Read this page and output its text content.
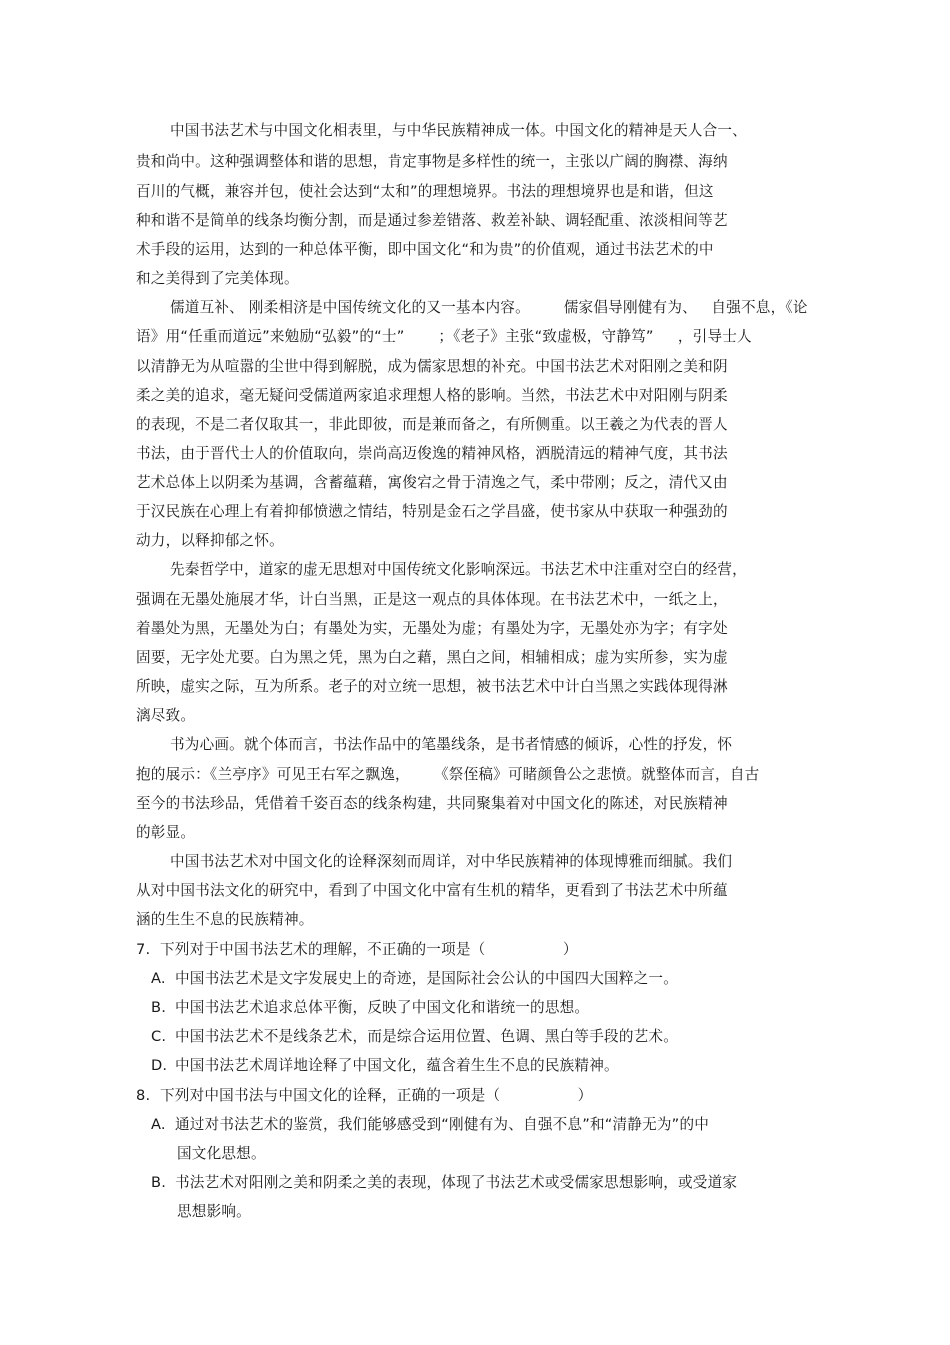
中国书法艺术与中国文化相表里，与中华民族精神成一体。中国文化的精神是天人合一、
贵和尚中。这种强调整体和谐的思想，肯定事物是多样性的统一，主张以广阔的胸襟、海纳
百川的气概，兼容并包，使社会达到“太和”的理想境界。书法的理想境界也是和谐，但这
种和谐不是简单的线条均衡分割，而是通过参差错落、救差补缺、调轻配重、浓淡相间等艺
术手段的运用，达到的一种总体平衡，即中国文化“和为贵”的价值观，通过书法艺术的中
和之美得到了完美体现。
儒道互补、 刚柔相济是中国传统文化的又一基本内容。       儒家倡导刚健有为、   自强不息，《论
语》用“任重而道远”来勉励“弘毅”的“士”       ；《老子》主张“致虚极，守静笃”     ，引导士人
以清静无为从喧嚣的尘世中得到解脱，成为儒家思想的补充。中国书法艺术对阳刚之美和阴
柔之美的追求，毫无疑问受儒道两家追求理想人格的影响。当然，书法艺术中对阳刚与阴柔
的表现，不是二者仅取其一，非此即彼，而是兼而备之，有所侧重。以王羲之为代表的晋人
书法，由于晋代士人的价值取向，崇尚高迈俊逸的精神风格，洒脱清远的精神气度，其书法
艺术总体上以阴柔为基调，含蓄蕴藉，寓俊宕之骨于清逸之气，柔中带刚；反之，清代又由
于汉民族在心理上有着抑郁愤懑之情结，特别是金石之学昌盛，使书家从中获取一种强劲的
动力，以释抑郁之怀。
先秦哲学中，道家的虚无思想对中国传统文化影响深远。书法艺术中注重对空白的经营，
强调在无墨处施展才华，计白当黑，正是这一观点的具体体现。在书法艺术中，一纸之上，
着墨处为黑，无墨处为白；有墨处为实，无墨处为虚；有墨处为字，无墨处亦为字；有字处
固要，无字处尤要。白为黑之凭，黑为白之藉，黑白之间，相辅相成；虚为实所参，实为虚
所映，虚实之际，互为所系。老子的对立统一思想，被书法艺术中计白当黑之实践体现得淋
漓尽致。
书为心画。就个体而言，书法作品中的笔墨线条，是书者情感的倾诉，心性的抒发，怀
抱的展示：《兰亭序》可见王右军之飘逸，     《祭侄稿》可睹颜鲁公之悲愤。就整体而言，自古
至今的书法珍品，凭借着千姿百态的线条构建，共同聚集着对中国文化的陈述，对民族精神
的彰显。
中国书法艺术对中国文化的诠释深刻而周详，对中华民族精神的体现博雅而细腻。我们
从对中国书法文化的研究中，看到了中国文化中富有生机的精华，更看到了书法艺术中所蕴
涵的生生不息的民族精神。
7.  下列对于中国书法艺术的理解，不正确的一项是（                ）
A. 中国书法艺术是文字发展史上的奇迹，是国际社会公认的中国四大国粹之一。
B. 中国书法艺术追求总体平衡，反映了中国文化和谐统一的思想。
C. 中国书法艺术不是线条艺术，而是综合运用位置、色调、黑白等手段的艺术。
D. 中国书法艺术周详地诠释了中国文化，蕴含着生生不息的民族精神。
8.  下列对中国书法与中国文化的诠释，正确的一项是（                ）
A. 通过对书法艺术的鉴赏，我们能够感受到“刚健有为、自强不息”和“清静无为”的中
国文化思想。
B. 书法艺术对阳刚之美和阴柔之美的表现，体现了书法艺术或受儒家思想影响，或受道家
思想影响。
